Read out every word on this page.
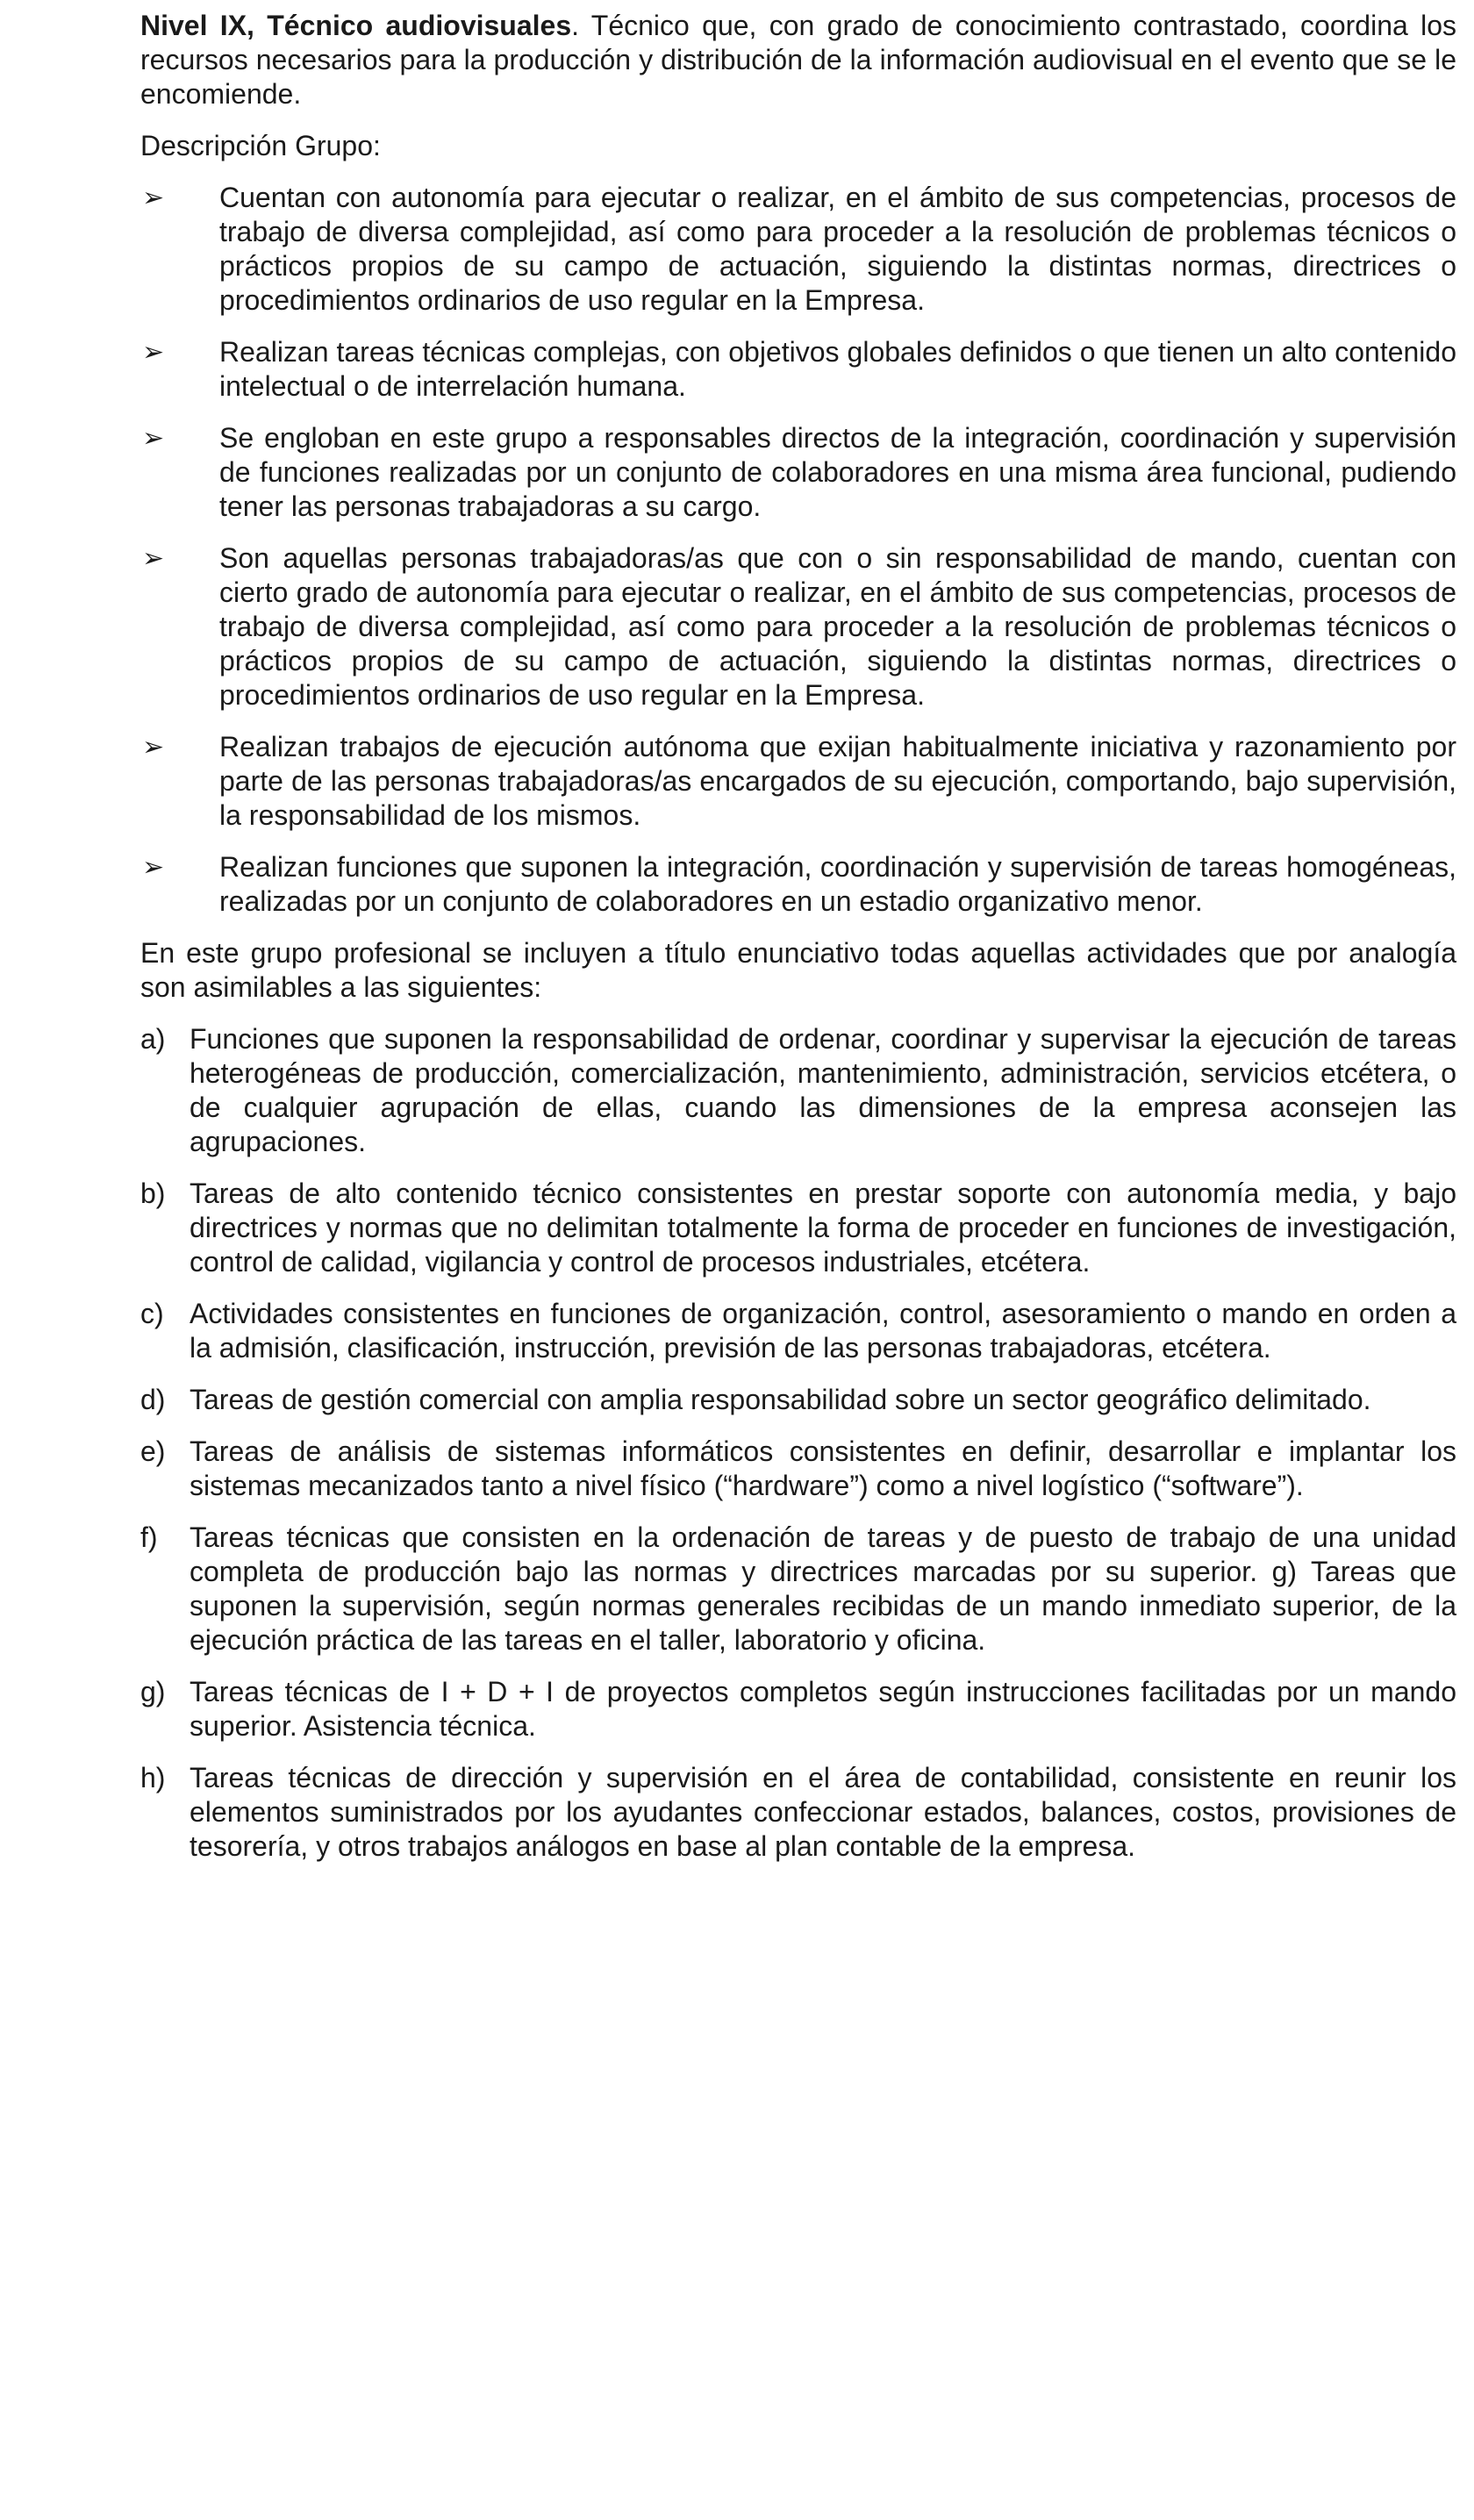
Nivel IX, Técnico audiovisuales. Técnico que, con grado de conocimiento contrastado, coordina los recursos necesarios para la producción y distribución de la información audiovisual en el evento que se le encomiende.

Descripción Grupo:

➢	Cuentan con autonomía para ejecutar o realizar, en el ámbito de sus competencias, procesos de trabajo de diversa complejidad, así como para proceder a la resolución de problemas técnicos o prácticos propios de su campo de actuación, siguiendo la distintas normas, directrices o procedimientos ordinarios de uso regular en la Empresa.
➢	Realizan tareas técnicas complejas, con objetivos globales definidos o que tienen un alto contenido intelectual o de interrelación humana.
➢	Se engloban en este grupo a responsables directos de la integración, coordinación y supervisión de funciones realizadas por un conjunto de colaboradores en una misma área funcional, pudiendo tener las personas trabajadoras a su cargo.
➢	Son aquellas personas trabajadoras/as que con o sin responsabilidad de mando, cuentan con cierto grado de autonomía para ejecutar o realizar, en el ámbito de sus competencias, procesos de trabajo de diversa complejidad, así como para proceder a la resolución de problemas técnicos o prácticos propios de su campo de actuación, siguiendo la distintas normas, directrices o procedimientos ordinarios de uso regular en la Empresa.
➢	Realizan trabajos de ejecución autónoma que exijan habitualmente iniciativa y razonamiento por parte de las personas trabajadoras/as encargados de su ejecución, comportando, bajo supervisión, la responsabilidad de los mismos.
➢	Realizan funciones que suponen la integración, coordinación y supervisión de tareas homogéneas, realizadas por un conjunto de colaboradores en un estadio organizativo menor.

En este grupo profesional se incluyen a título enunciativo todas aquellas actividades que por analogía son asimilables a las siguientes:

a) Funciones que suponen la responsabilidad de ordenar, coordinar y supervisar la ejecución de tareas heterogéneas de producción, comercialización, mantenimiento, administración, servicios etcétera, o de cualquier agrupación de ellas, cuando las dimensiones de la empresa aconsejen las agrupaciones.
b) Tareas de alto contenido técnico consistentes en prestar soporte con autonomía media, y bajo directrices y normas que no delimitan totalmente la forma de proceder en funciones de investigación, control de calidad, vigilancia y control de procesos industriales, etcétera.
c) Actividades consistentes en funciones de organización, control, asesoramiento o mando en orden a la admisión, clasificación, instrucción, previsión de las personas trabajadoras, etcétera.
d) Tareas de gestión comercial con amplia responsabilidad sobre un sector geográfico delimitado.
e) Tareas de análisis de sistemas informáticos consistentes en definir, desarrollar e implantar los sistemas mecanizados tanto a nivel físico (“hardware”) como a nivel logístico (“software”).
f)	Tareas técnicas que consisten en la ordenación de tareas y de puesto de trabajo de una unidad completa de producción bajo las normas y directrices marcadas por su superior. g) Tareas que suponen la supervisión, según normas generales recibidas de un mando inmediato superior, de la ejecución práctica de las tareas en el taller, laboratorio y oficina.
g) Tareas técnicas de I + D + I de proyectos completos según instrucciones facilitadas por un mando superior. Asistencia técnica.
h) Tareas técnicas de dirección y supervisión en el área de contabilidad, consistente en reunir los elementos suministrados por los ayudantes confeccionar estados, balances, costos, provisiones de tesorería, y otros trabajos análogos en base al plan contable de la empresa.
